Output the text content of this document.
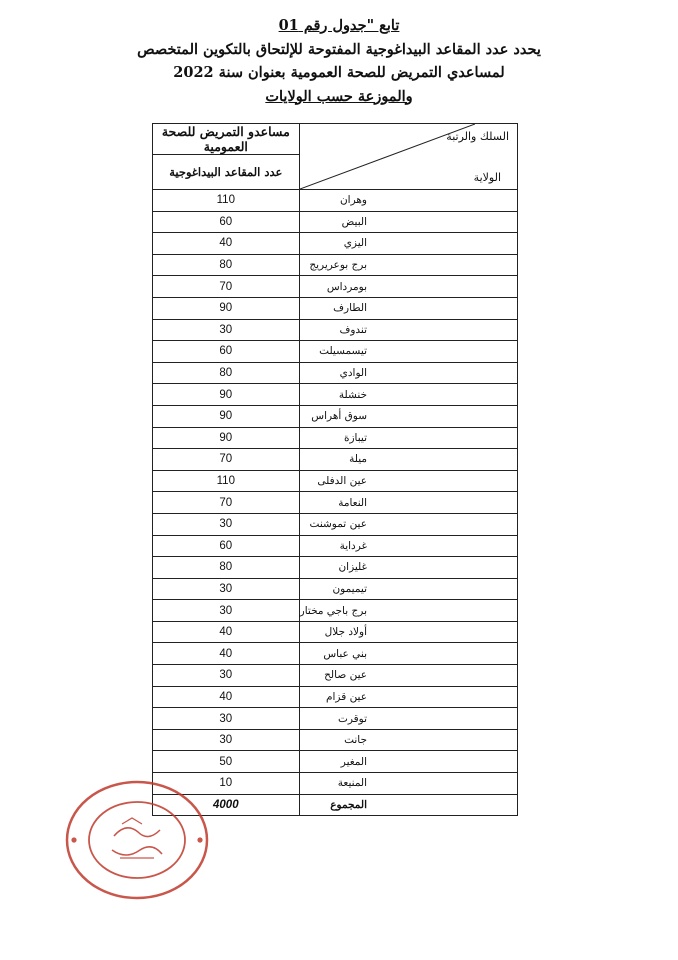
تابع "جدول رقم 01
يحدد عدد المقاعد البيداغوجية المفتوحة للإلتحاق بالتكوين المتخصص
لمساعدي التمريض للصحة العمومية بعنوان سنة 2022
والموزعة حسب الولايات
السلك والرتبة
الولاية	مساعدو التمريض للصحة العمومية
	عدد المقاعد البيداغوجية
وهران	110
البيض	60
اليزي	40
برج بوعريريج	80
بومرداس	70
الطارف	90
تندوف	30
تيسمسيلت	60
الوادي	80
خنشلة	90
سوق أهراس	90
تيبازة	90
ميلة	70
عين الدفلى	110
النعامة	70
عين تموشنت	30
غرداية	60
غليزان	80
تيميمون	30
برج باجي مختار	30
أولاد جلال	40
بني عباس	40
عين صالح	30
عين قزام	40
توقرت	30
جانت	30
المغير	50
المنيعة	10
المجموع	4000
